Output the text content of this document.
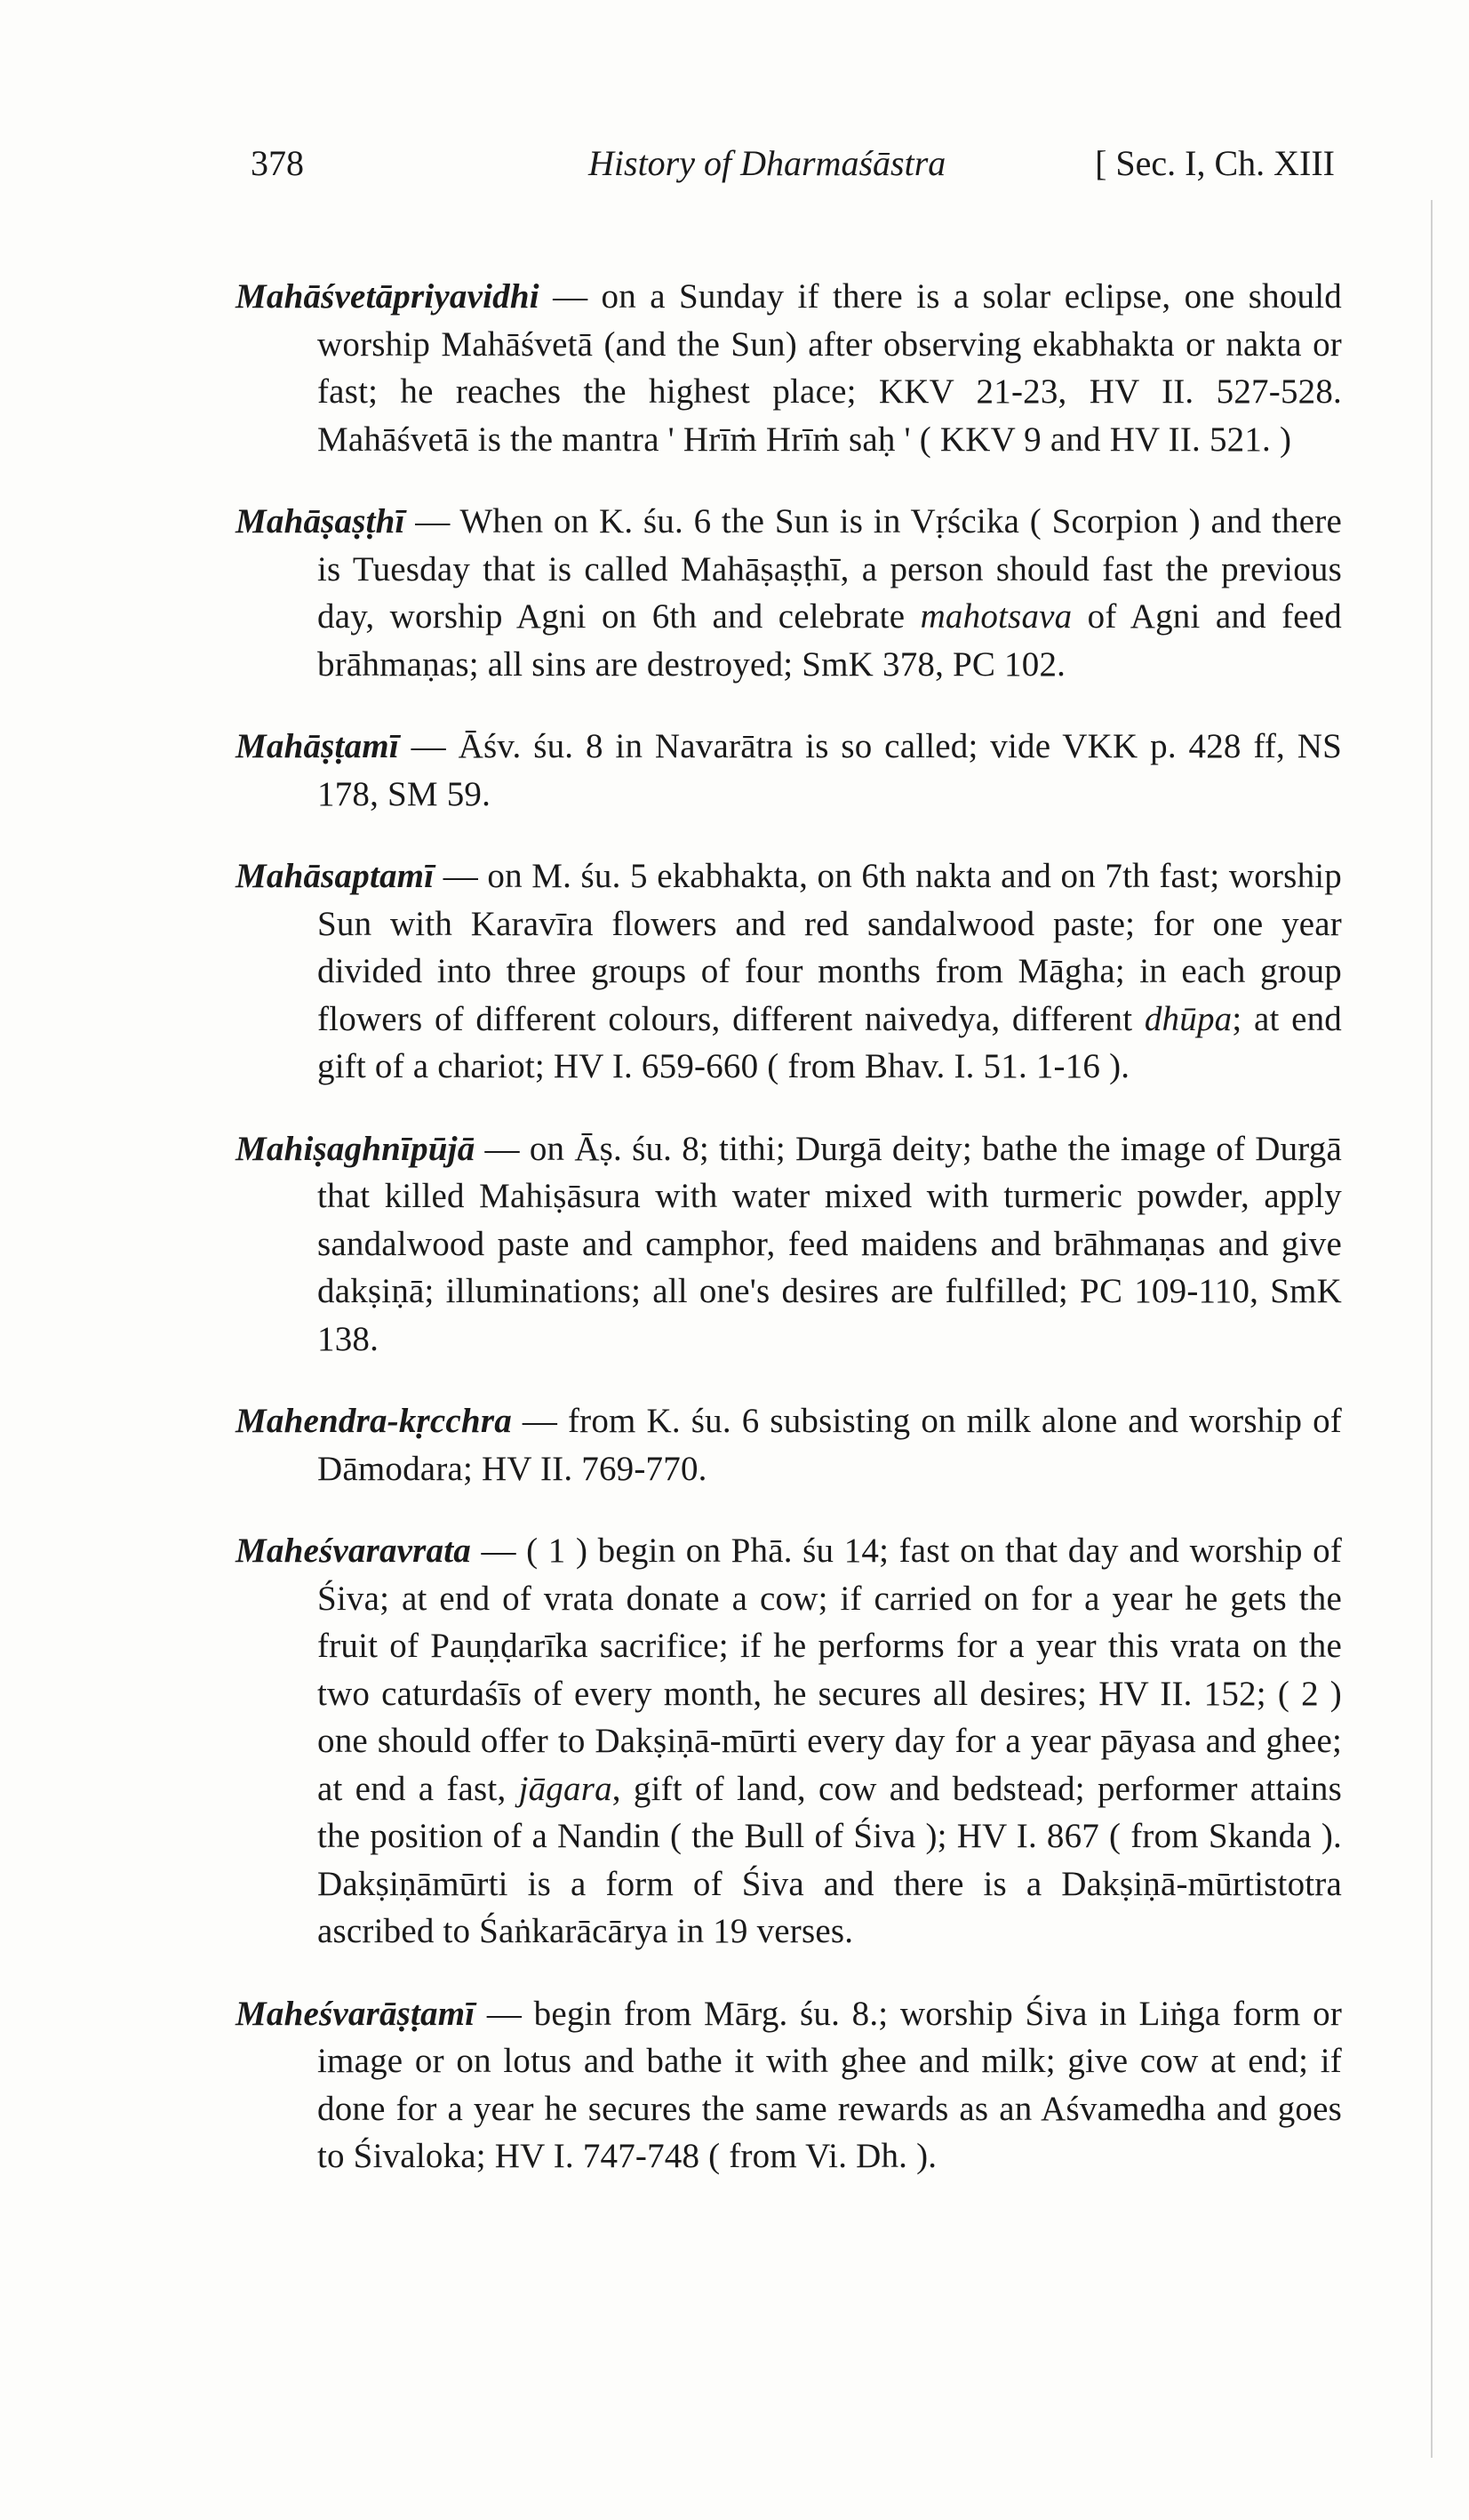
378	History of Dharmaśāstra	[ Sec. I, Ch. XIII

Mahāśvetāpriyavidhi — on a Sunday if there is a solar eclipse, one should worship Mahāśvetā (and the Sun) after observing ekabhakta or nakta or fast; he reaches the highest place; KKV 21-23, HV II. 527-528. Mahāśvetā is the mantra ' Hrīṁ Hrīṁ saḥ ' ( KKV 9 and HV II. 521. )

Mahāṣaṣṭhī — When on K. śu. 6 the Sun is in Vṛścika ( Scorpion ) and there is Tuesday that is called Mahāṣaṣṭhī, a person should fast the previous day, worship Agni on 6th and celebrate mahotsava of Agni and feed brāhmaṇas; all sins are destroyed; SmK 378, PC 102.

Mahāṣṭamī — Āśv. śu. 8 in Navarātra is so called; vide VKK p. 428 ff, NS 178, SM 59.

Mahāsaptamī — on M. śu. 5 ekabhakta, on 6th nakta and on 7th fast; worship Sun with Karavīra flowers and red sandalwood paste; for one year divided into three groups of four months from Māgha; in each group flowers of different colours, different naivedya, different dhūpa; at end gift of a chariot; HV I. 659-660 ( from Bhav. I. 51. 1-16 ).

Mahiṣaghnīpūjā — on Āṣ. śu. 8; tithi; Durgā deity; bathe the image of Durgā that killed Mahiṣāsura with water mixed with turmeric powder, apply sandalwood paste and camphor, feed maidens and brāhmaṇas and give dakṣiṇā; illuminations; all one's desires are fulfilled; PC 109-110, SmK 138.

Mahendra-kṛcchra — from K. śu. 6 subsisting on milk alone and worship of Dāmodara; HV II. 769-770.

Maheśvaravrata — ( 1 ) begin on Phā. śu 14; fast on that day and worship of Śiva; at end of vrata donate a cow; if carried on for a year he gets the fruit of Pauṇḍarīka sacrifice; if he performs for a year this vrata on the two caturdaśīs of every month, he secures all desires; HV II. 152; ( 2 ) one should offer to Dakṣiṇā-mūrti every day for a year pāyasa and ghee; at end a fast, jāgara, gift of land, cow and bedstead; performer attains the position of a Nandin ( the Bull of Śiva ); HV I. 867 ( from Skanda ). Dakṣiṇāmūrti is a form of Śiva and there is a Dakṣiṇā-mūrtistotra ascribed to Śaṅkarācārya in 19 verses.

Maheśvarāṣṭamī — begin from Mārg. śu. 8.; worship Śiva in Liṅga form or image or on lotus and bathe it with ghee and milk; give cow at end; if done for a year he secures the same rewards as an Aśvamedha and goes to Śivaloka; HV I. 747-748 ( from Vi. Dh. ).
